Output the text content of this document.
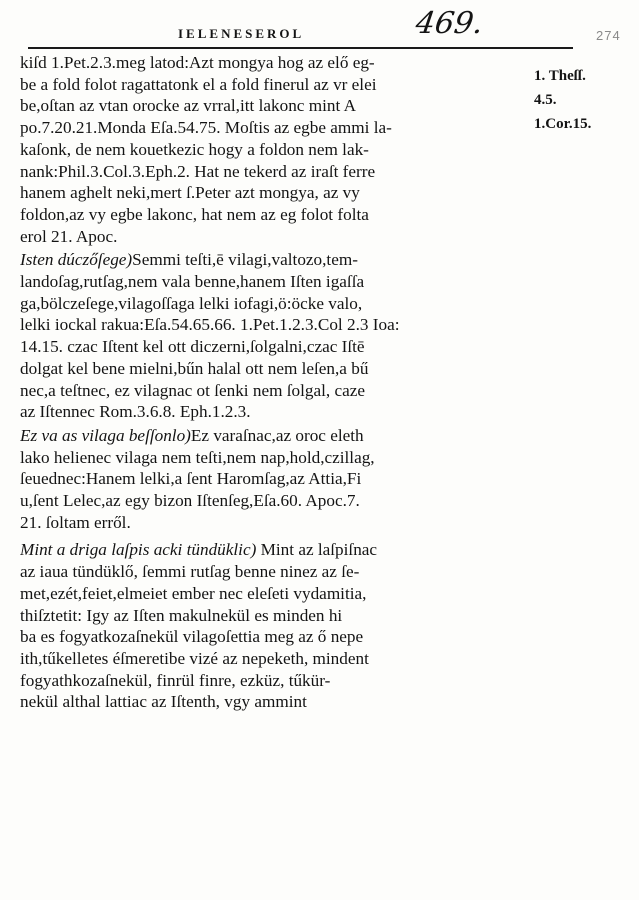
IELENESEROL	469.	274
1. Theſſ.
4.5.
1.Cor.15.
kiſd 1.Pet.2.3.meg latod:Azt mongya hog az elő eg-
be a fold folot ragattatonk el a fold finerul az vr elei
be,oſtan az vtan orocke az vrral,itt lakonc mint A
po.7.20.21.Monda Eſa.54.75. Moſtis az egbe ammi la-
kaſonk, de nem kouetkezic hogy a foldon nem lak-
nank:Phil.3.Col.3.Eph.2. Hat ne tekerd az iraſt ferre
hanem aghelt neki,mert ſ.Peter azt mongya, az vy
foldon,az vy egbe lakonc, hat nem az eg folot folta
erol 21. Apoc.
Isten dúczőſege)Semmi teſti,ē vilagi,valtozo,tem-
landoſag,rutſag,nem vala benne,hanem Iſten igaſſa
ga,bölczeſege,vilagoſſaga lelki iofagi,ö:öcke valo,
lelki iockal rakua:Eſa.54.65.66. 1.Pet.1.2.3.Col 2.3 Ioa:
14.15. czac Iſtent kel ott diczerni,ſolgalni,czac Iſtē
dolgat kel bene mielni,bűn halal ott nem leſen,a bű
nec,a teſtnec, ez vilagnac ot ſenki nem ſolgal, caze
az Iſtennec Rom.3.6.8. Eph.1.2.3.
Ez va as vilaga beſſonlo)Ez varaſnac,az oroc eleth
lako helienec vilaga nem teſti,nem nap,hold,czillag,
ſeuednec:Hanem lelki,a ſent Haromſag,az Attia,Fi
u,ſent Lelec,az egy bizon Iſtenſeg,Eſa.60. Apoc.7.
21. ſoltam erről.
Mint a driga laſpis acki tündüklic) Mint az laſpiſnac
az iaua tündüklő, ſemmi rutſag benne ninez az ſe-
met,ezét,feiet,elmeiet ember nec eleſeti vydamitia,
thiſztetit: Igy az Iſten makulnekül es minden hi
ba es fogyatkozaſnekül vilagoſettia meg az ő nepe
ith,tűkelletes éſmeretibe vizé az nepeketh, mindent
fogyathkozaſnekül, finrül finre, ezküz, tűkür-
nekül althal lattiac az Iſtenth, vgy ammint
